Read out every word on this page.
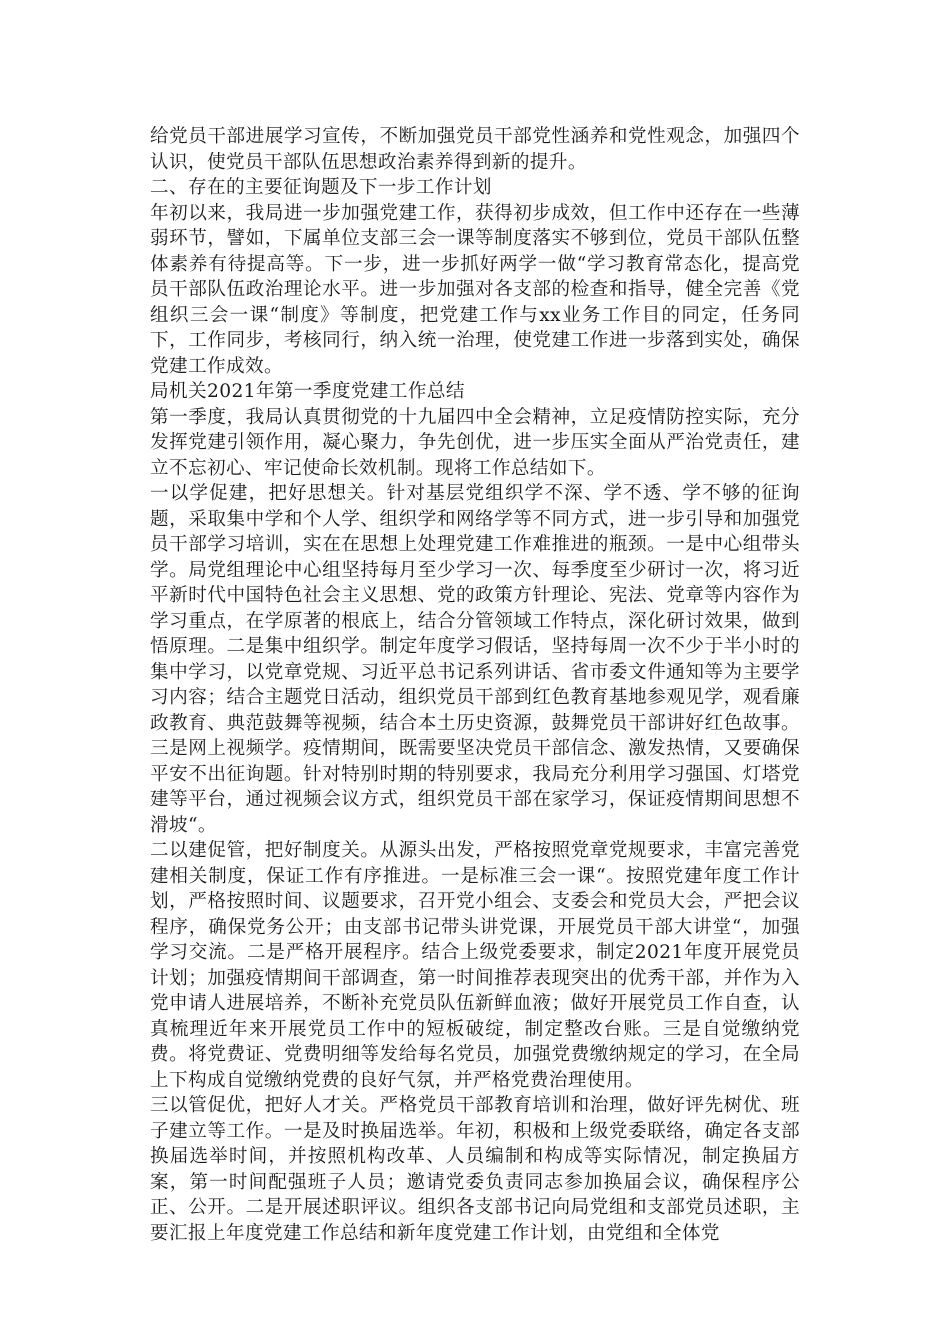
给党员干部进展学习宣传，不断加强党员干部党性涵养和党性观念，加强四个认识，使党员干部队伍思想政治素养得到新的提升。

二、存在的主要征询题及下一步工作计划

年初以来，我局进一步加强党建工作，获得初步成效，但工作中还存在一些薄弱环节，譬如，下属单位支部三会一课等制度落实不够到位，党员干部队伍整体素养有待提高等。下一步，进一步抓好两学一做“学习教育常态化，提高党员干部队伍政治理论水平。进一步加强对各支部的检查和指导，健全完善《党组织三会一课“制度》等制度，把党建工作与xx业务工作目的同定，任务同下，工作同步，考核同行，纳入统一治理，使党建工作进一步落到实处，确保党建工作成效。

局机关2021年第一季度党建工作总结

第一季度，我局认真贯彻党的十九届四中全会精神，立足疫情防控实际，充分发挥党建引领作用，凝心聚力，争先创优，进一步压实全面从严治党责任，建立不忘初心、牢记使命长效机制。现将工作总结如下。

一以学促建，把好思想关。针对基层党组织学不深、学不透、学不够的征询题，采取集中学和个人学、组织学和网络学等不同方式，进一步引导和加强党员干部学习培训，实在在思想上处理党建工作难推进的瓶颈。一是中心组带头学。局党组理论中心组坚持每月至少学习一次、每季度至少研讨一次，将习近平新时代中国特色社会主义思想、党的政策方针理论、宪法、党章等内容作为学习重点，在学原著的根底上，结合分管领域工作特点，深化研讨效果，做到悟原理。二是集中组织学。制定年度学习假话，坚持每周一次不少于半小时的集中学习，以党章党规、习近平总书记系列讲话、省市委文件通知等为主要学习内容；结合主题党日活动，组织党员干部到红色教育基地参观见学，观看廉政教育、典范鼓舞等视频，结合本土历史资源，鼓舞党员干部讲好红色故事。三是网上视频学。疫情期间，既需要坚决党员干部信念、激发热情，又要确保平安不出征询题。针对特别时期的特别要求，我局充分利用学习强国、灯塔党建等平台，通过视频会议方式，组织党员干部在家学习，保证疫情期间思想不滑坡“。

二以建促管，把好制度关。从源头出发，严格按照党章党规要求，丰富完善党建相关制度，保证工作有序推进。一是标准三会一课“。按照党建年度工作计划，严格按照时间、议题要求，召开党小组会、支委会和党员大会，严把会议程序，确保党务公开；由支部书记带头讲党课，开展党员干部大讲堂“，加强学习交流。二是严格开展程序。结合上级党委要求，制定2021年度开展党员计划；加强疫情期间干部调查，第一时间推荐表现突出的优秀干部，并作为入党申请人进展培养，不断补充党员队伍新鲜血液；做好开展党员工作自查，认真梳理近年来开展党员工作中的短板破绽，制定整改台账。三是自觉缴纳党费。将党费证、党费明细等发给每名党员，加强党费缴纳规定的学习，在全局上下构成自觉缴纳党费的良好气氛，并严格党费治理使用。

三以管促优，把好人才关。严格党员干部教育培训和治理，做好评先树优、班子建立等工作。一是及时换届选举。年初，积极和上级党委联络，确定各支部换届选举时间，并按照机构改革、人员编制和构成等实际情况，制定换届方案，第一时间配强班子人员；邀请党委负责同志参加换届会议，确保程序公正、公开。二是开展述职评议。组织各支部书记向局党组和支部党员述职，主要汇报上年度党建工作总结和新年度党建工作计划，由党组和全体党
